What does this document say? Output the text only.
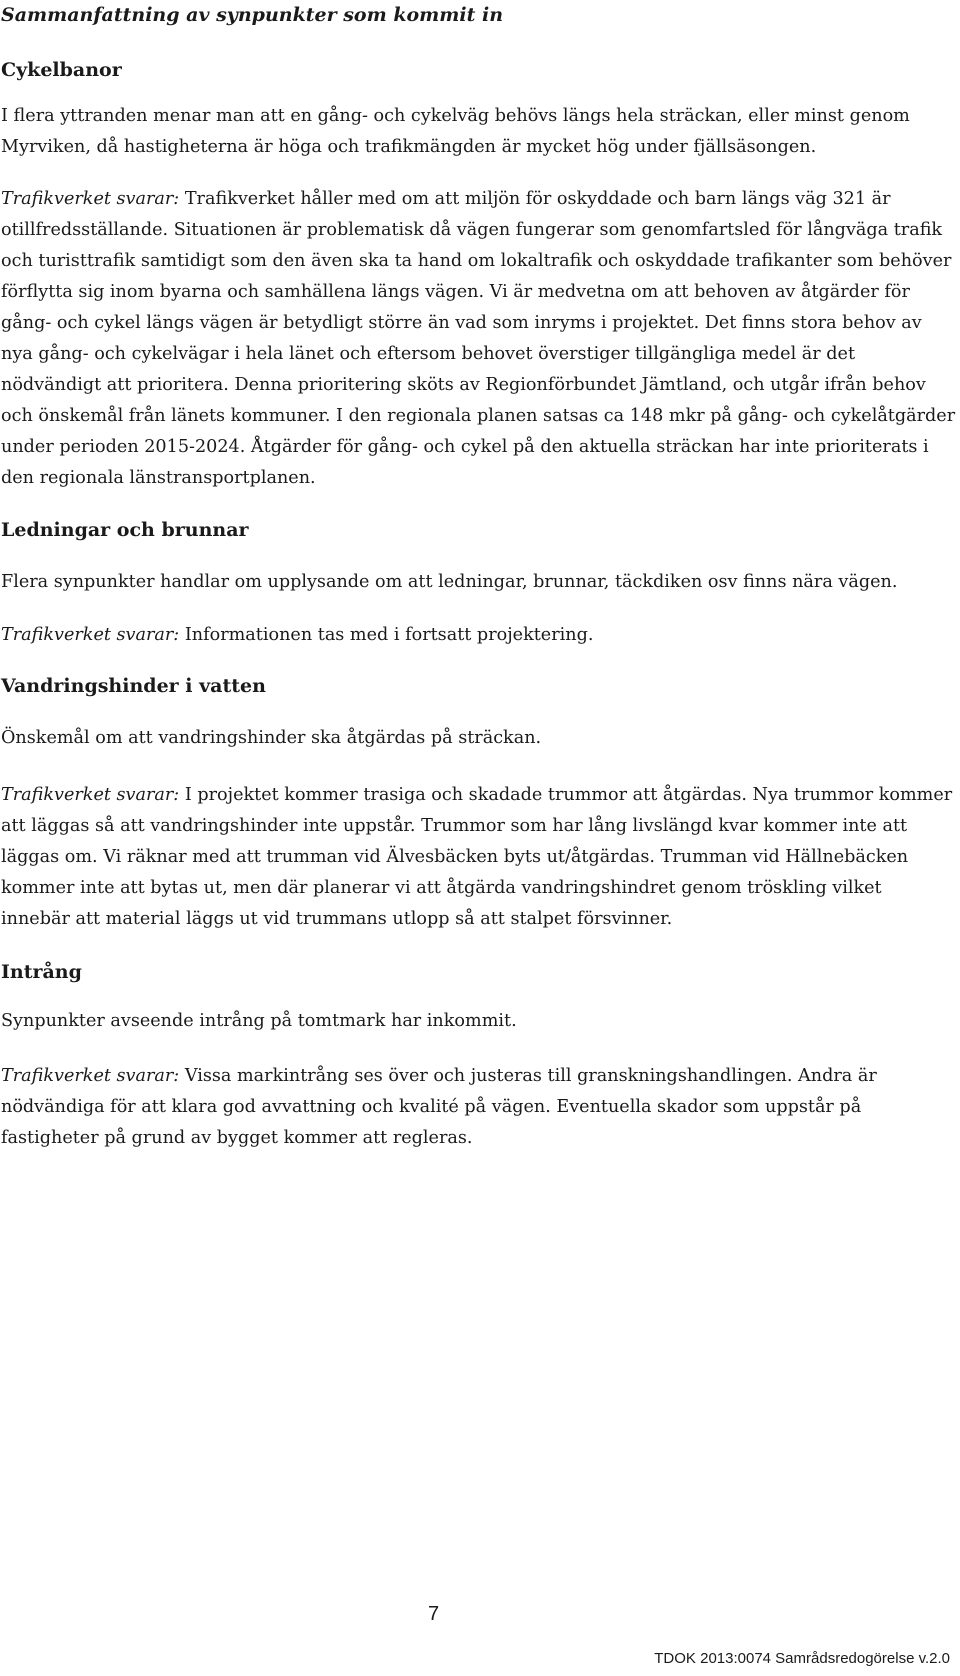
Sammanfattning av synpunkter som kommit in
Cykelbanor

I flera yttranden menar man att en gång- och cykelväg behövs längs hela sträckan, eller minst genom Myrviken, då hastigheterna är höga och trafikmängden är mycket hög under fjällsäsongen.

Trafikverket svarar: Trafikverket håller med om att miljön för oskyddade och barn längs väg 321 är otillfredsställande. Situationen är problematisk då vägen fungerar som genomfartsled för långväga trafik och turisttrafik samtidigt som den även ska ta hand om lokaltrafik och oskyddade trafikanter som behöver förflytta sig inom byarna och samhällena längs vägen. Vi är medvetna om att behoven av åtgärder för gång- och cykel längs vägen är betydligt större än vad som inryms i projektet. Det finns stora behov av nya gång- och cykelvägar i hela länet och eftersom behovet överstiger tillgängliga medel är det nödvändigt att prioritera. Denna prioritering sköts av Regionförbundet Jämtland, och utgår ifrån behov och önskemål från länets kommuner. I den regionala planen satsas ca 148 mkr på gång- och cykelåtgärder under perioden 2015-2024. Åtgärder för gång- och cykel på den aktuella sträckan har inte prioriterats i den regionala länstransportplanen.

Ledningar och brunnar

Flera synpunkter handlar om upplysande om att ledningar, brunnar, täckdiken osv finns nära vägen.

Trafikverket svarar: Informationen tas med i fortsatt projektering.

Vandringshinder i vatten

Önskemål om att vandringshinder ska åtgärdas på sträckan.

Trafikverket svarar: I projektet kommer trasiga och skadade trummor att åtgärdas. Nya trummor kommer att läggas så att vandringshinder inte uppstår. Trummor som har lång livslängd kvar kommer inte att läggas om. Vi räknar med att trumman vid Älvesbäcken byts ut/åtgärdas. Trumman vid Hällnebäcken kommer inte att bytas ut, men där planerar vi att åtgärda vandringshindret genom tröskling vilket innebär att material läggs ut vid trummans utlopp så att stalpet försvinner.

Intrång

Synpunkter avseende intrång på tomtmark har inkommit.

Trafikverket svarar: Vissa markintrång ses över och justeras till granskningshandlingen. Andra är nödvändiga för att klara god avvattning och kvalité på vägen. Eventuella skador som uppstår på fastigheter på grund av bygget kommer att regleras.

7
TDOK 2013:0074 Samrådsredogörelse v.2.0
